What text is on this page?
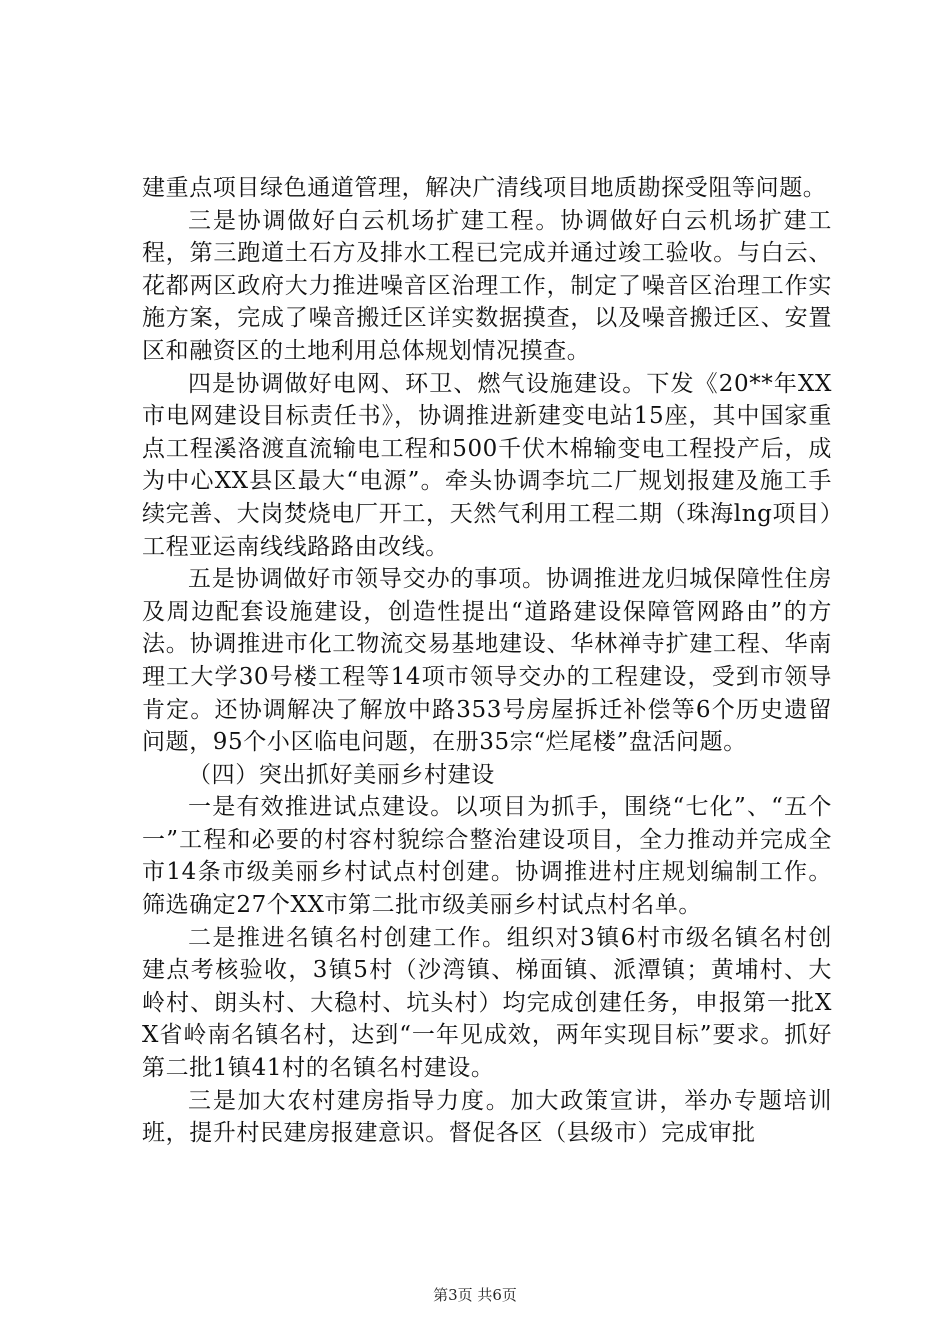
建重点项目绿色通道管理，解决广清线项目地质勘探受阻等问题。

三是协调做好白云机场扩建工程。协调做好白云机场扩建工程，第三跑道土石方及排水工程已完成并通过竣工验收。与白云、花都两区政府大力推进噪音区治理工作，制定了噪音区治理工作实施方案，完成了噪音搬迁区详实数据摸查，以及噪音搬迁区、安置区和融资区的土地利用总体规划情况摸查。

四是协调做好电网、环卫、燃气设施建设。下发《20**年XX市电网建设目标责任书》，协调推进新建变电站15座，其中国家重点工程溪洛渡直流输电工程和500千伏木棉输变电工程投产后，成为中心XX县区最大“电源”。牵头协调李坑二厂规划报建及施工手续完善、大岗焚烧电厂开工，天然气利用工程二期（珠海lng项目）工程亚运南线线路路由改线。

五是协调做好市领导交办的事项。协调推进龙归城保障性住房及周边配套设施建设，创造性提出“道路建设保障管网路由”的方法。协调推进市化工物流交易基地建设、华林禅寺扩建工程、华南理工大学30号楼工程等14项市领导交办的工程建设，受到市领导肯定。还协调解决了解放中路353号房屋拆迁补偿等6个历史遗留问题，95个小区临电问题，在册35宗“烂尾楼”盘活问题。

（四）突出抓好美丽乡村建设

一是有效推进试点建设。以项目为抓手，围绕“七化”、“五个一”工程和必要的村容村貌综合整治建设项目，全力推动并完成全市14条市级美丽乡村试点村创建。协调推进村庄规划编制工作。筛选确定27个XX市第二批市级美丽乡村试点村名单。

二是推进名镇名村创建工作。组织对3镇6村市级名镇名村创建点考核验收，3镇5村（沙湾镇、梯面镇、派潭镇；黄埔村、大岭村、朗头村、大稳村、坑头村）均完成创建任务，申报第一批XX省岭南名镇名村，达到“一年见成效，两年实现目标”要求。抓好第二批1镇41村的名镇名村建设。

三是加大农村建房指导力度。加大政策宣讲，举办专题培训班，提升村民建房报建意识。督促各区（县级市）完成审批

第3页 共6页
